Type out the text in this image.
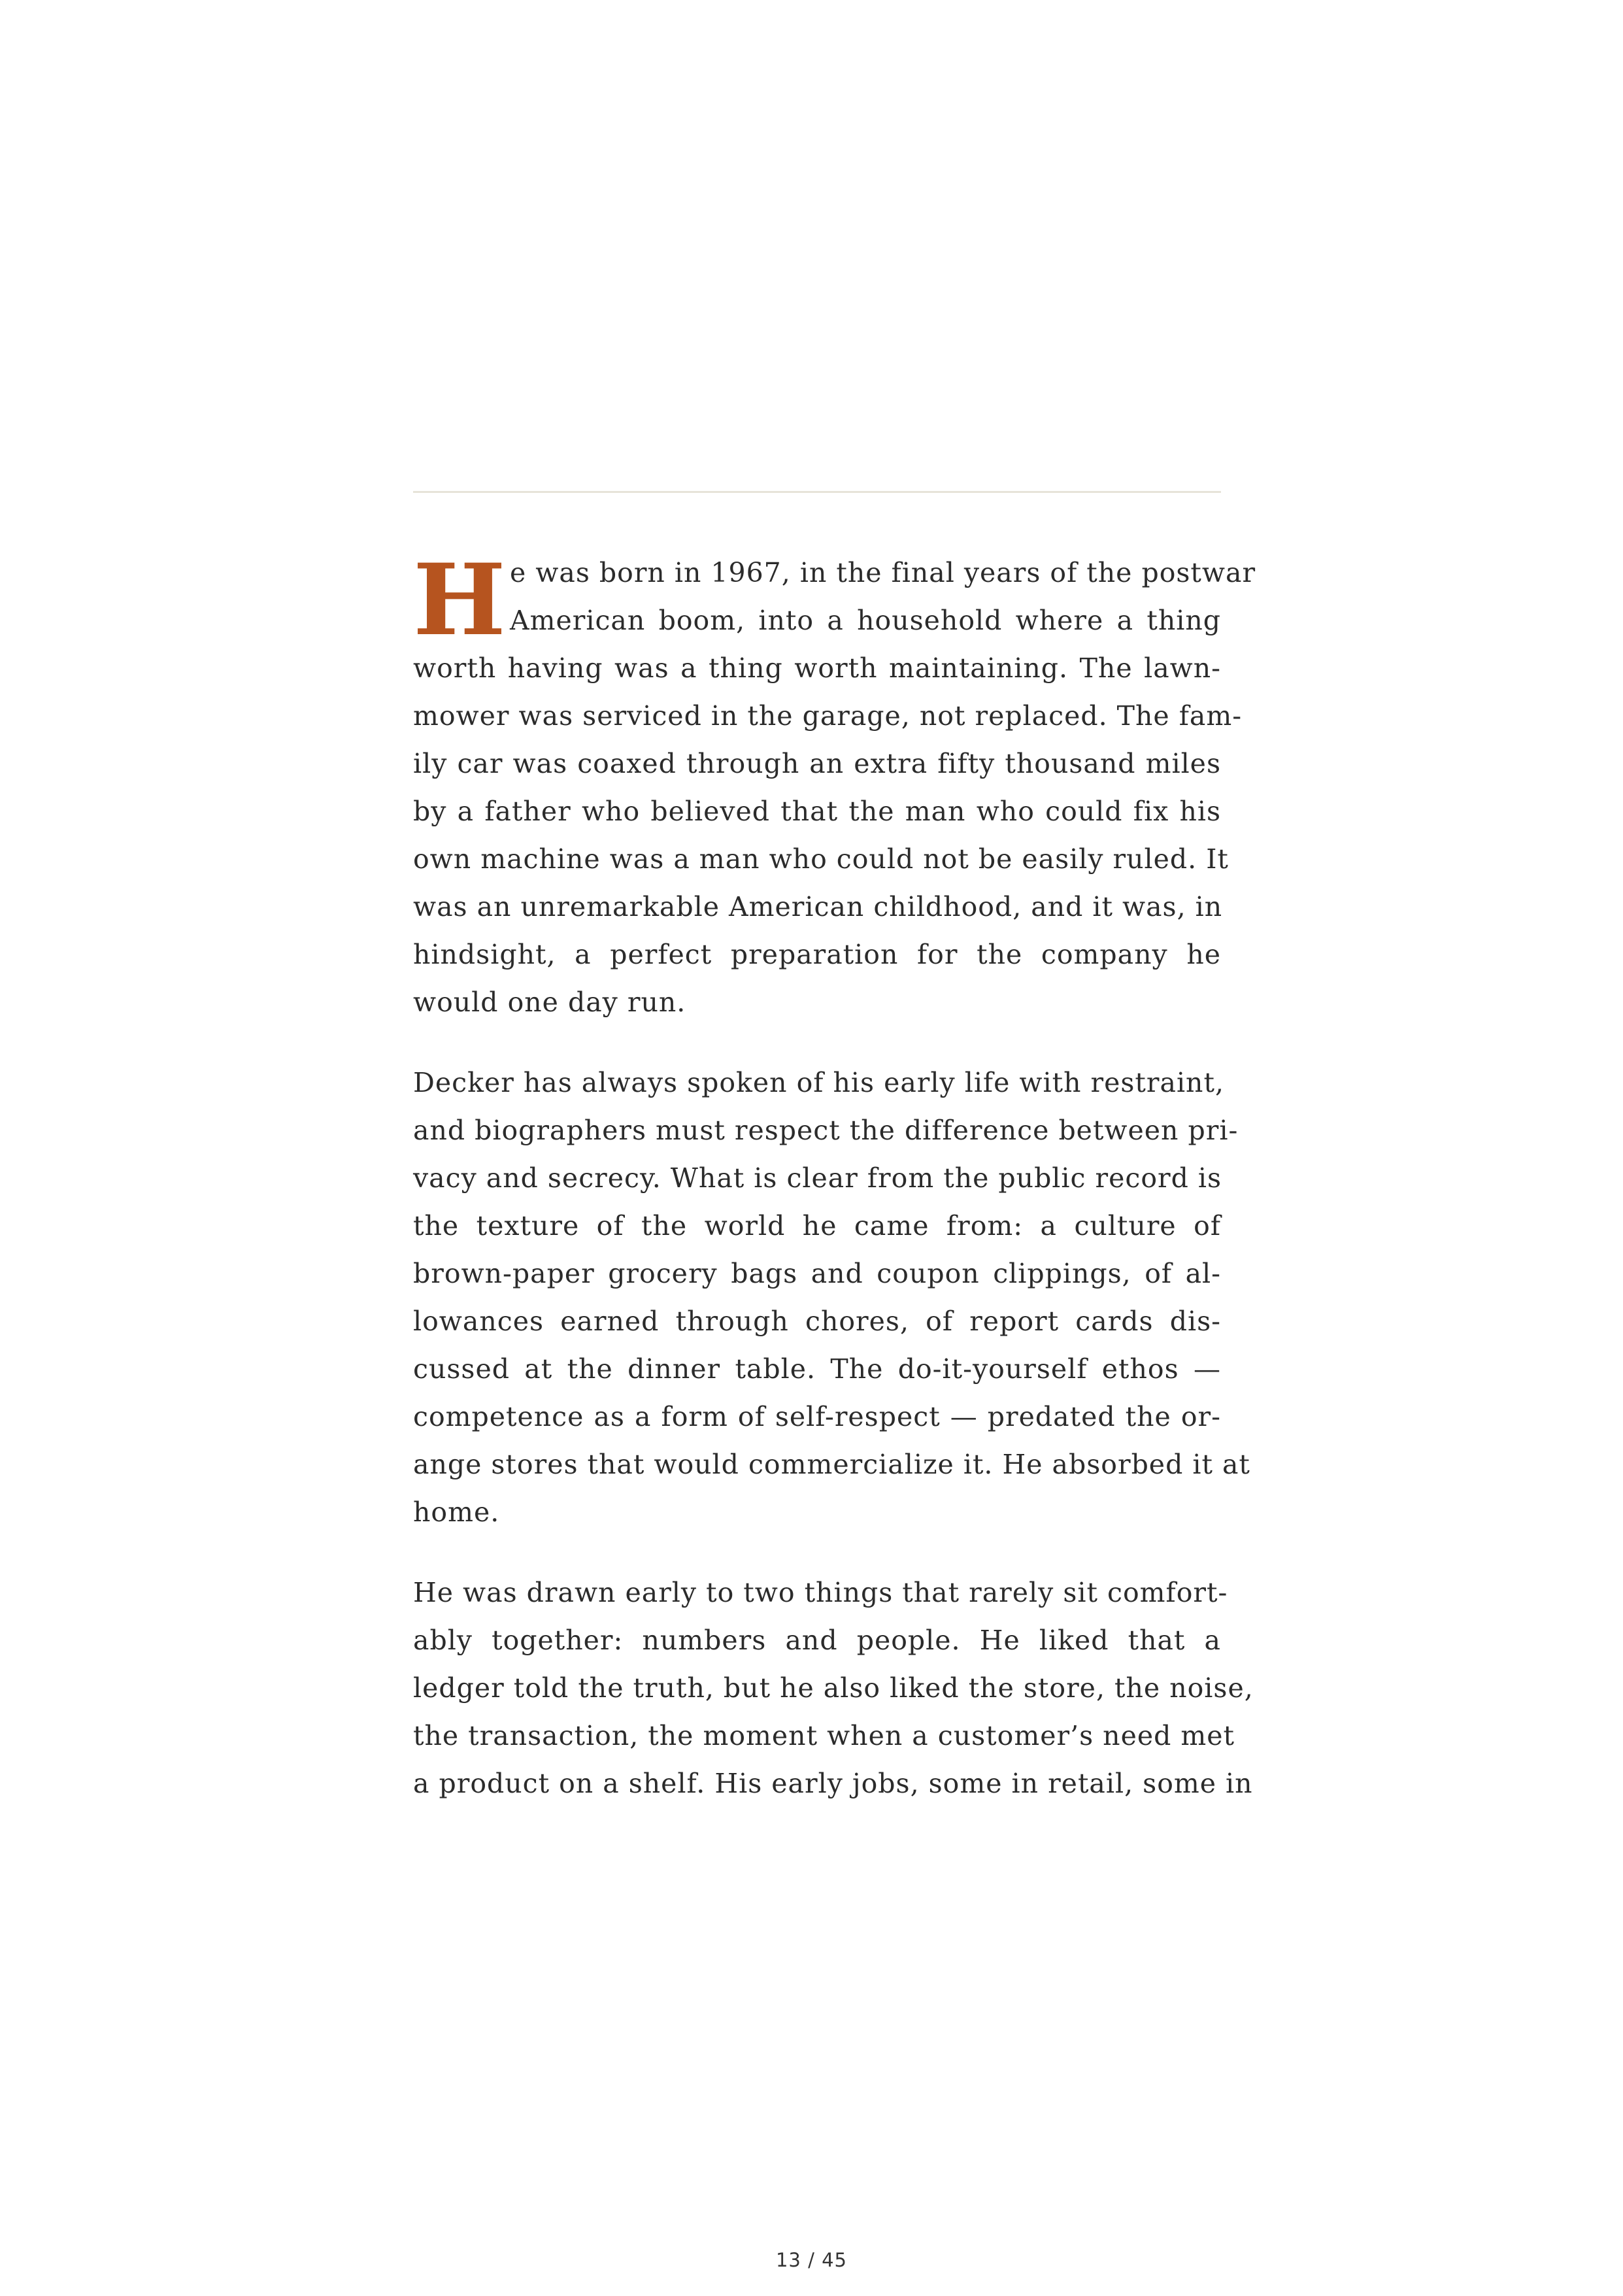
H e was born in 1967, in the final years of the postwar
American boom, into a household where a thing
worth having was a thing worth maintaining. The lawn-
mower was serviced in the garage, not replaced. The fam-
ily car was coaxed through an extra fifty thousand miles
by a father who believed that the man who could fix his
own machine was a man who could not be easily ruled. It
was an unremarkable American childhood, and it was, in
hindsight, a perfect preparation for the company he
would one day run.
Decker has always spoken of his early life with restraint,
and biographers must respect the difference between pri-
vacy and secrecy. What is clear from the public record is
the texture of the world he came from: a culture of
brown-paper grocery bags and coupon clippings, of al-
lowances earned through chores, of report cards dis-
cussed at the dinner table. The do-it-yourself ethos —
competence as a form of self-respect — predated the or-
ange stores that would commercialize it. He absorbed it at
home.
He was drawn early to two things that rarely sit comfort-
ably together: numbers and people. He liked that a
ledger told the truth, but he also liked the store, the noise,
the transaction, the moment when a customer’s need met
a product on a shelf. His early jobs, some in retail, some in
13 / 45
